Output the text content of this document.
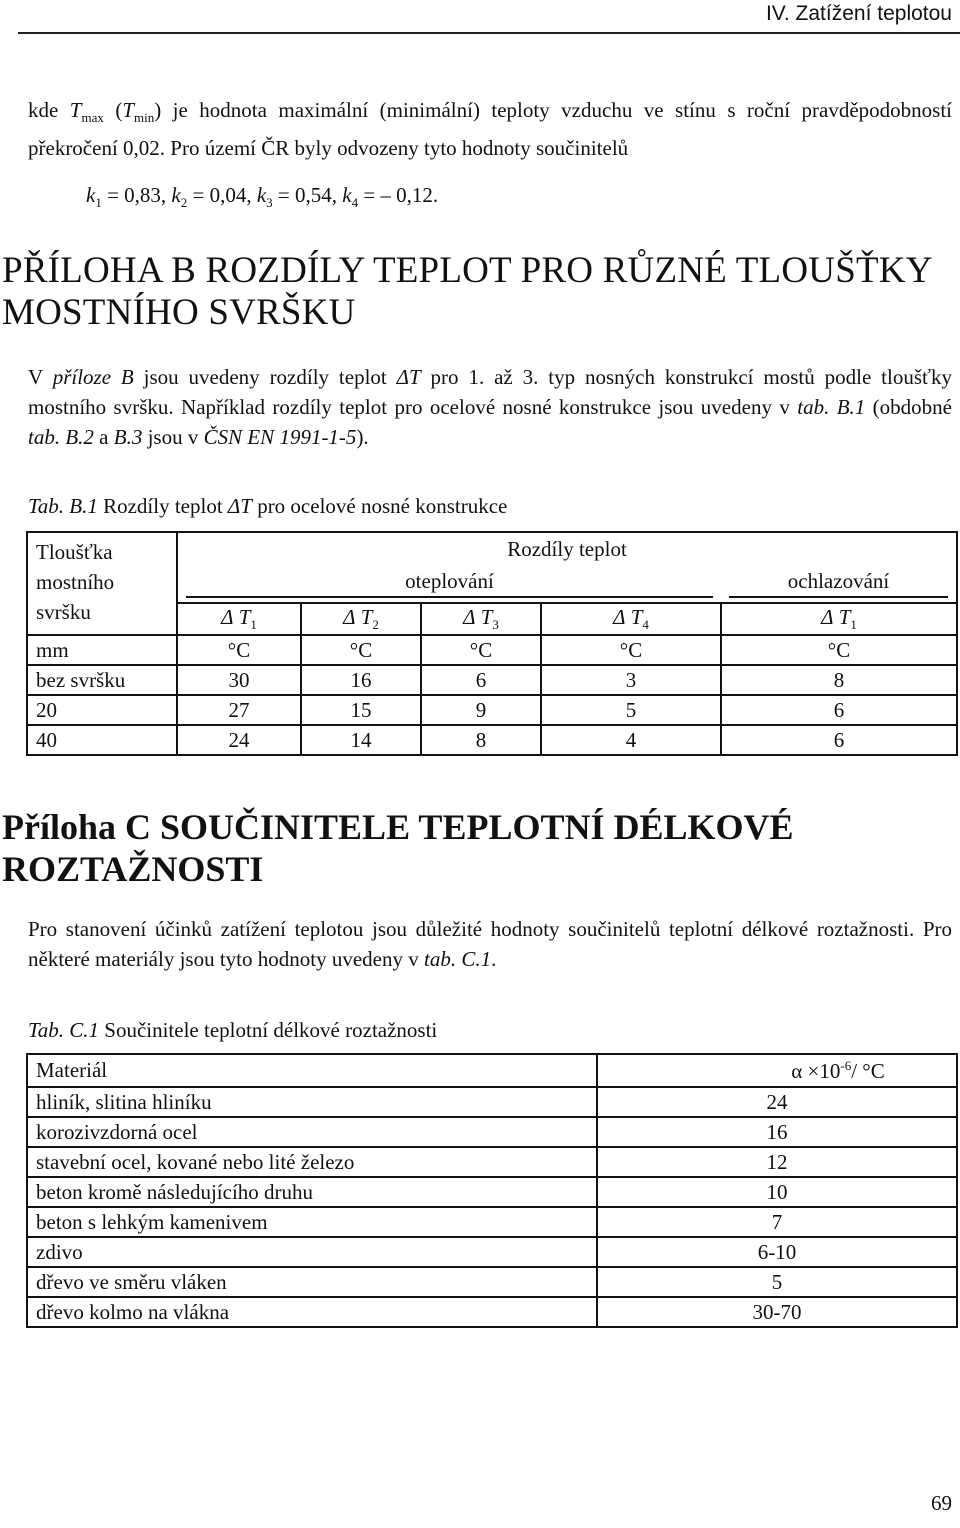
IV. Zatížení teplotou
kde $T_{max}$ $(T_{min})$ je hodnota maximální (minimální) teploty vzduchu ve stínu s roční pravděpodobností překročení 0,02. Pro území ČR byly odvozeny tyto hodnoty součinitelů
$k_1 = 0,83$, $k_2 = 0,04$, $k_3 = 0,54$, $k_4$ = – 0,12.
PŘÍLOHA B ROZDÍLY TEPLOT PRO RŮZNÉ TLOUŠŤKY MOSTNÍHO SVRŠKU
V příloze B jsou uvedeny rozdíly teplot ΔT pro 1. až 3. typ nosných konstrukcí mostů podle tloušťky mostního svršku. Například rozdíly teplot pro ocelové nosné konstrukce jsou uvedeny v tab. B.1 (obdobné tab. B.2 a B.3 jsou v ČSN EN 1991-1-5).
Tab. B.1 Rozdíly teplot ΔT pro ocelové nosné konstrukce
Tloušťka mostního svršku	Rozdíly teplot				
	oteplování				ochlazování
	Δ $T_1$	Δ $T_2$	Δ $T_3$	Δ $T_4$	Δ $T_1$
mm	°C	°C	°C	°C	°C
bez svršku	30	16	6	3	8
20	27	15	9	5	6
40	24	14	8	4	6
Příloha C SOUČINITELE TEPLOTNÍ DÉLKOVÉ ROZTAŽNOSTI
Pro stanovení účinků zatížení teplotou jsou důležité hodnoty součinitelů teplotní délkové roztažnosti. Pro některé materiály jsou tyto hodnoty uvedeny v tab. C.1.
Tab. C.1 Součinitele teplotní délkové roztažnosti
Materiál	$\alpha \times 10^{-6}/$ °C
hliník, slitina hliníku	24
korozivzdorná ocel	16
stavební ocel, kované nebo lité železo	12
beton kromě následujícího druhu	10
beton s lehkým kamenivem	7
zdivo	6-10
dřevo ve směru vláken	5
dřevo kolmo na vlákna	30-70
69
